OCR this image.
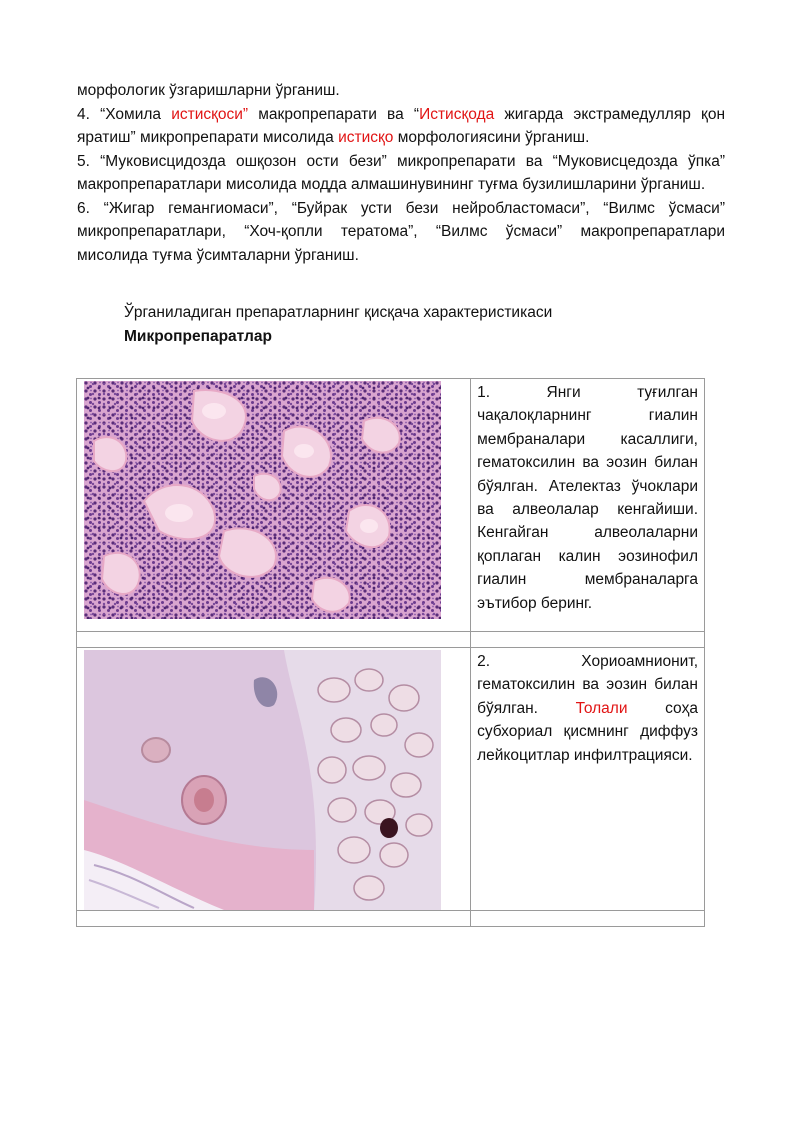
морфологик ўзгаришларни ўрганиш.

4. “Хомила истисқоси” макропрепарати ва “Истисқода жигарда экстрамедулляр қон яратиш” микропрепарати мисолида истисқо морфологиясини ўрганиш.

5. “Муковисцидозда ошқозон ости бези” микропрепарати ва “Муковисцедозда ўпка” макропрепаратлари мисолида модда алмашинувининг туғма бузилишларини ўрганиш.

6. “Жигар гемангиомаси”, “Буйрак усти бези нейробластомаси”, “Вилмс ўсмаси” микропрепаратлари, “Хоч-қопли тератома”, “Вилмс ўсмаси” макропрепаратлари мисолида туғма ўсимталарни ўрганиш.

Ўрганиладиган препаратларнинг қисқача характеристикаси
Микропрепаратлар
	1. Янги туғилган чақалоқларнинг гиалин мембраналари касаллиги, гематоксилин ва эозин билан бўялган. Ателектаз ўчоклари ва алвеолалар кенгайиши. Кенгайган алвеолаларни қоплаган калин эозинофил гиалин мембраналарга эътибор беринг.

	2. Хориоамнионит, гематоксилин ва эозин билан бўялган. Толали соҳа субхориал қисмнинг диффуз лейкоцитлар инфилтрацияси.
